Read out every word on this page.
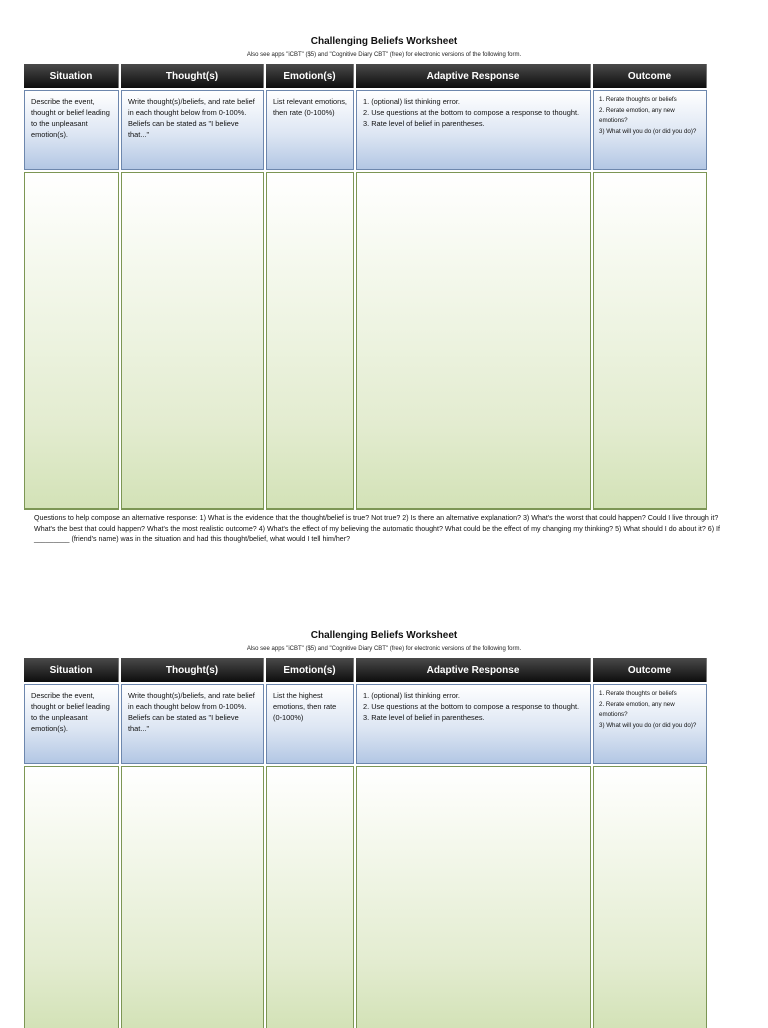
Challenging Beliefs Worksheet
Also see apps "iCBT" ($5) and "Cognitive Diary CBT" (free) for electronic versions of the following form.
Situation
Describe the event, thought or belief leading to the unpleasant emotion(s).
Thought(s)
Write thought(s)/beliefs, and rate belief in each thought below from 0-100%. Beliefs can be stated as "I believe that..."
Emotion(s)
List relevant emotions, then rate (0-100%)
Adaptive Response
1. (optional) list thinking error.
2. Use questions at the bottom to compose a response to thought.
3. Rate level of belief in parentheses.
Outcome
1. Rerate thoughts or beliefs
2. Rerate emotion, any new emotions?
3) What will you do (or did you do)?
Questions to help compose an alternative response: 1) What is the evidence that the thought/belief is true? Not true? 2) Is there an alternative explanation? 3) What's the worst that could happen? Could I live through it? What's the best that could happen? What's the most realistic outcome? 4) What's the effect of my believing the automatic thought? What could be the effect of my changing my thinking? 5) What should I do about it? 6) If _________ (friend's name) was in the situation and had this thought/belief, what would I tell him/her?
Challenging Beliefs Worksheet
Also see apps "iCBT" ($5) and "Cognitive Diary CBT" (free) for electronic versions of the following form.
Situation
Describe the event, thought or belief leading to the unpleasant emotion(s).
Thought(s)
Write thought(s)/beliefs, and rate belief in each thought below from 0-100%. Beliefs can be stated as "I believe that..."
Emotion(s)
List the highest emotions, then rate (0-100%)
Adaptive Response
1. (optional) list thinking error.
2. Use questions at the bottom to compose a response to thought.
3. Rate level of belief in parentheses.
Outcome
1. Rerate thoughts or beliefs
2. Rerate emotion, any new emotions?
3) What will you do (or did you do)?
